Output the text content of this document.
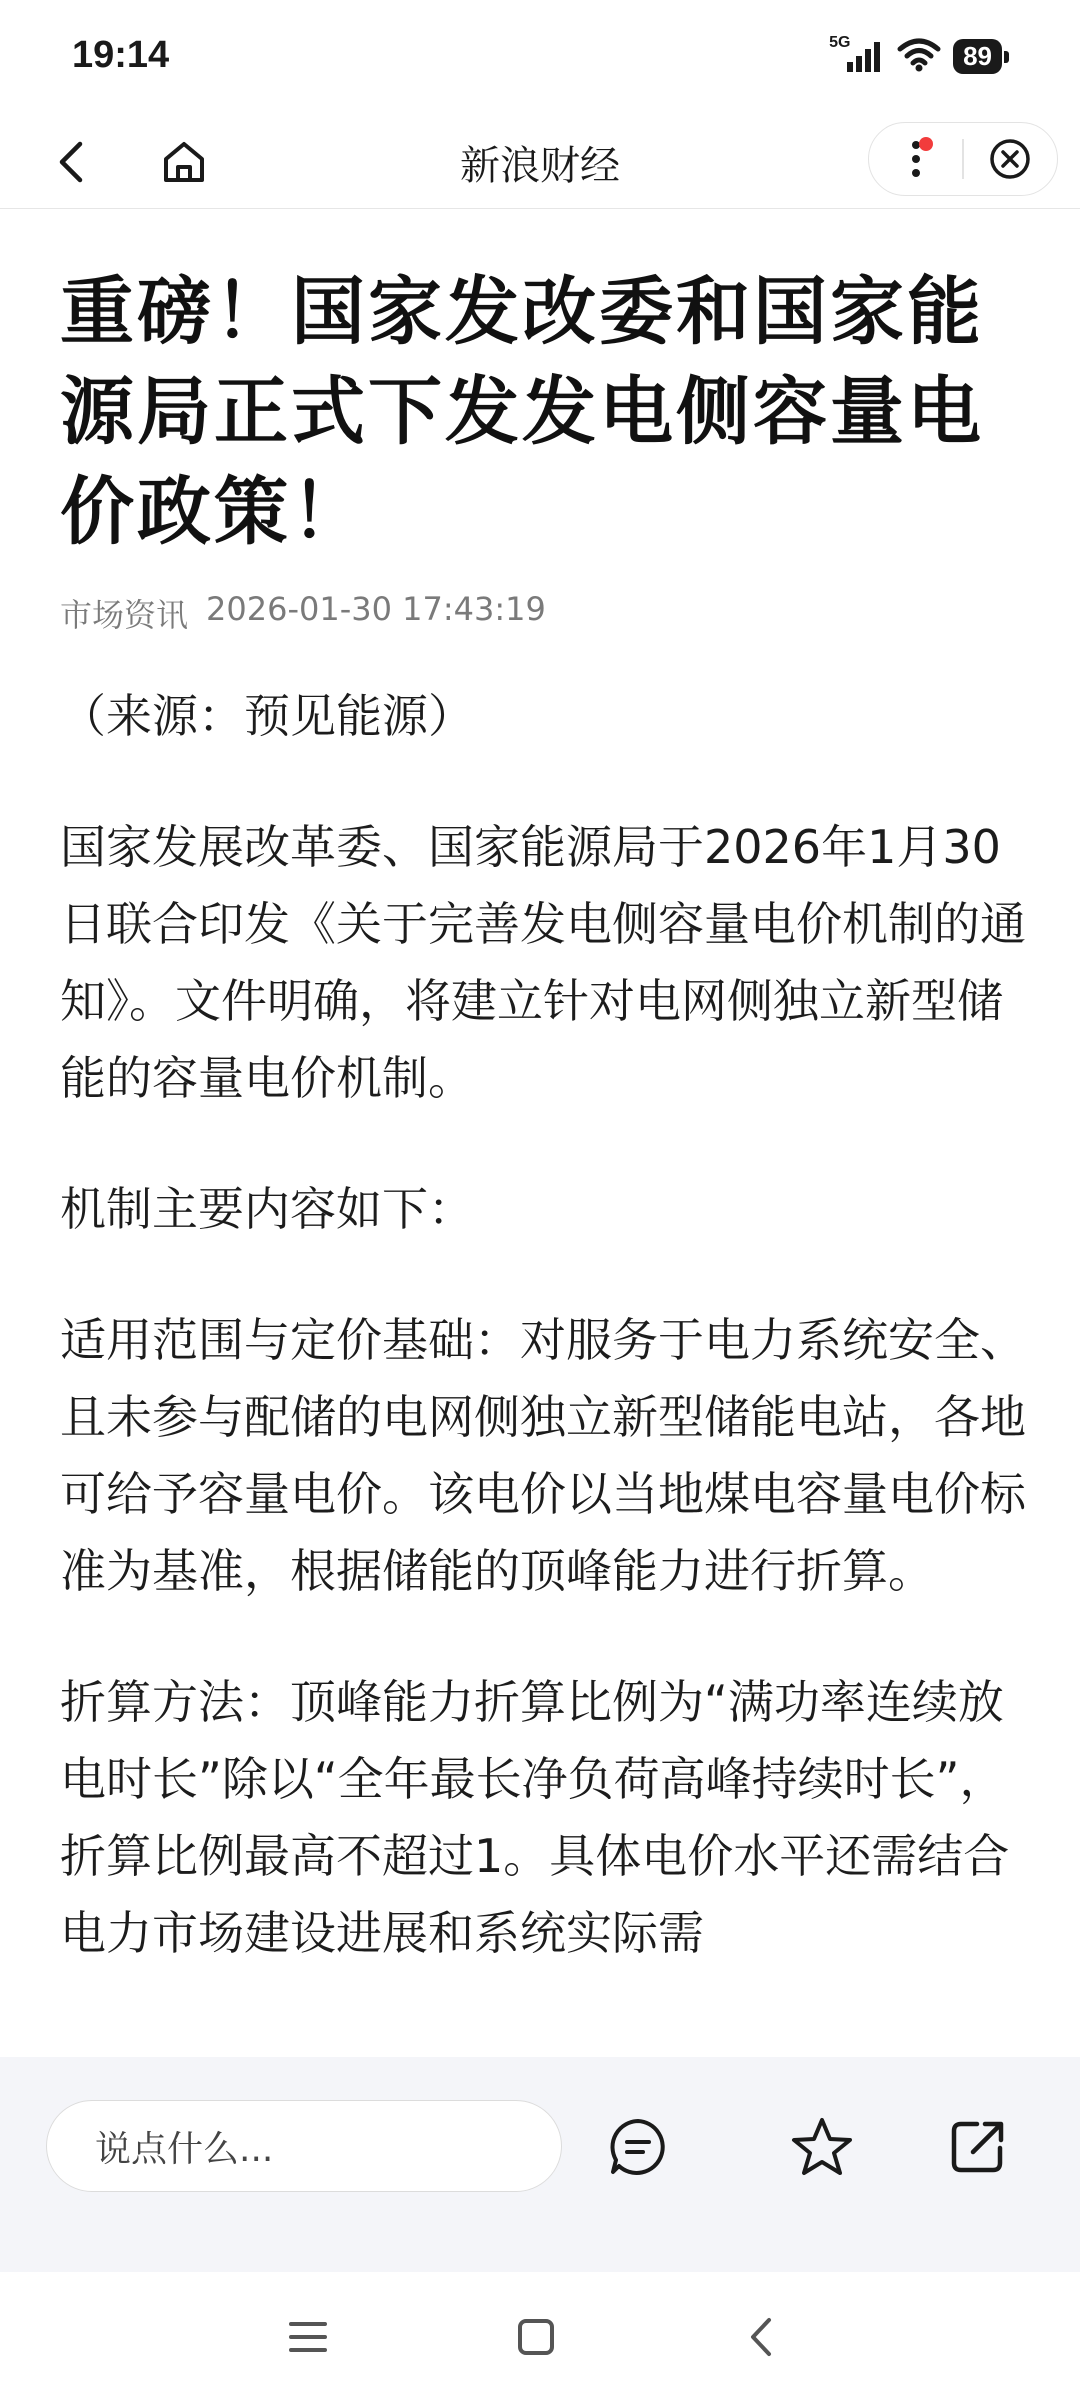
19:14	5G	89
新浪财经
重磅！国家发改委和国家能源局正式下发发电侧容量电价政策！
市场资讯 2026-01-30 17:43:19

（来源：预见能源）

国家发展改革委、国家能源局于2026年1月30日联合印发《关于完善发电侧容量电价机制的通知》。文件明确，将建立针对电网侧独立新型储能的容量电价机制。

机制主要内容如下：

适用范围与定价基础：对服务于电力系统安全、且未参与配储的电网侧独立新型储能电站，各地可给予容量电价。该电价以当地煤电容量电价标准为基准，根据储能的顶峰能力进行折算。

折算方法：顶峰能力折算比例为“满功率连续放电时长”除以“全年最长净负荷高峰持续时长”，折算比例最高不超过1。具体电价水平还需结合电力市场建设进展和系统实际需

说点什么...
